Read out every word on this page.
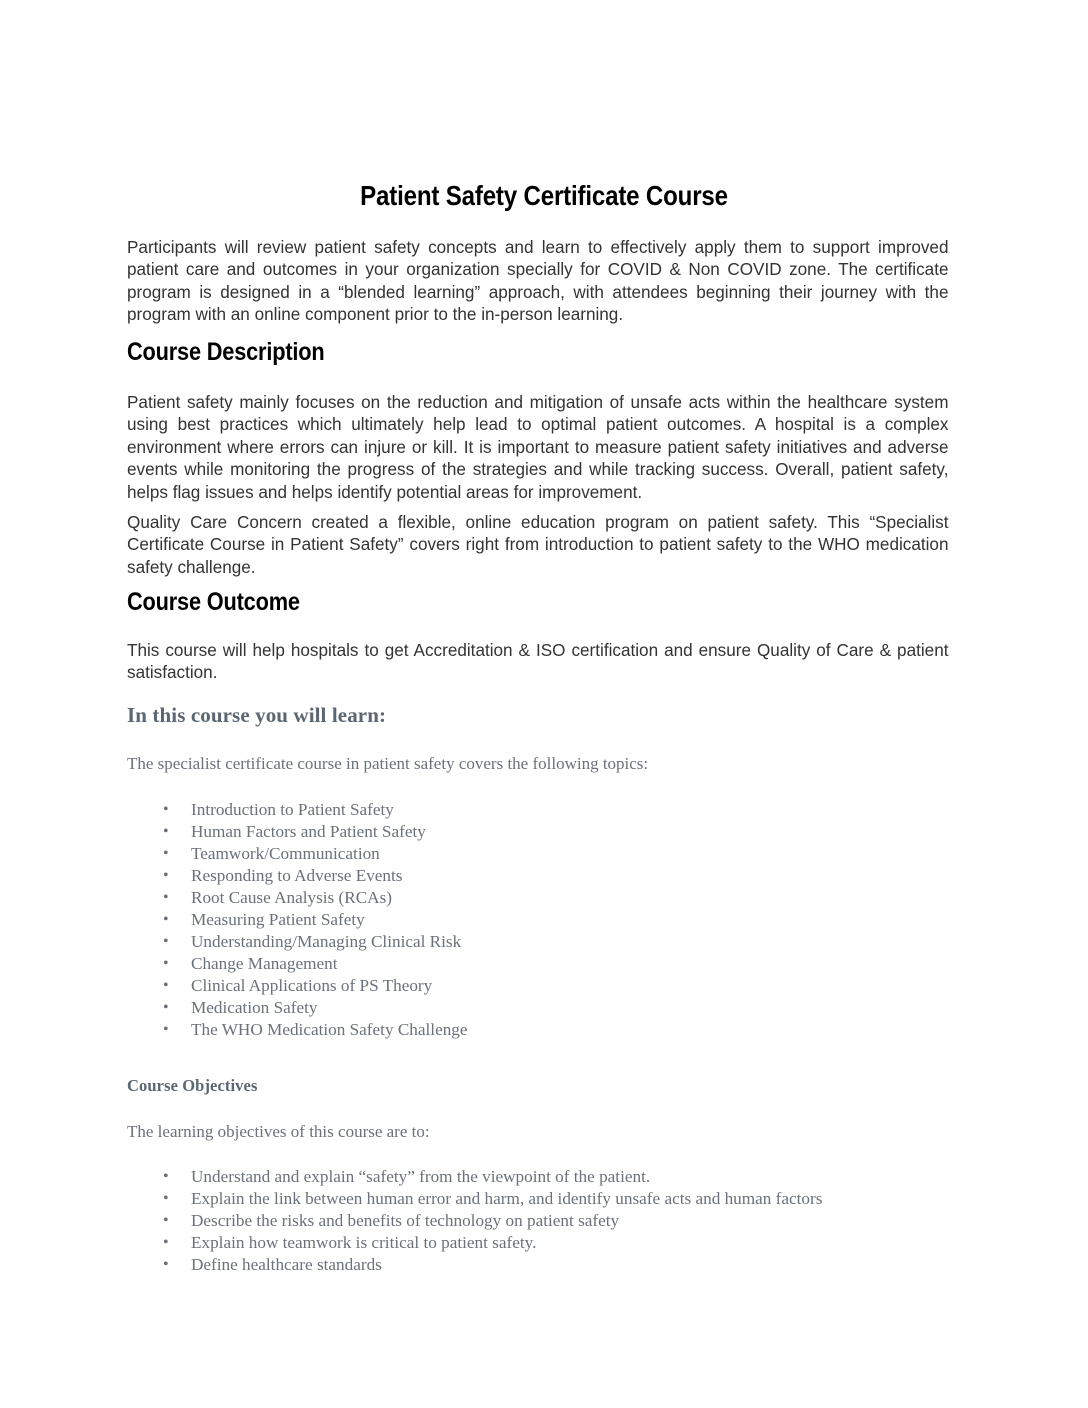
Patient Safety Certificate Course

Participants will review patient safety concepts and learn to effectively apply them to support improved patient care and outcomes in your organization specially for COVID & Non COVID zone. The certificate program is designed in a “blended learning” approach, with attendees beginning their journey with the program with an online component prior to the in-person learning.

Course Description

Patient safety mainly focuses on the reduction and mitigation of unsafe acts within the healthcare system using best practices which ultimately help lead to optimal patient outcomes. A hospital is a complex environment where errors can injure or kill. It is important to measure patient safety initiatives and adverse events while monitoring the progress of the strategies and while tracking success. Overall, patient safety, helps flag issues and helps identify potential areas for improvement.

Quality Care Concern created a flexible, online education program on patient safety. This “Specialist Certificate Course in Patient Safety” covers right from introduction to patient safety to the WHO medication safety challenge.

Course Outcome

This course will help hospitals to get Accreditation & ISO certification and ensure Quality of Care & patient satisfaction.

In this course you will learn:

The specialist certificate course in patient safety covers the following topics:

• Introduction to Patient Safety
• Human Factors and Patient Safety
• Teamwork/Communication
• Responding to Adverse Events
• Root Cause Analysis (RCAs)
• Measuring Patient Safety
• Understanding/Managing Clinical Risk
• Change Management
• Clinical Applications of PS Theory
• Medication Safety
• The WHO Medication Safety Challenge
Course Objectives

The learning objectives of this course are to:

• Understand and explain “safety” from the viewpoint of the patient.
• Explain the link between human error and harm, and identify unsafe acts and human factors
• Describe the risks and benefits of technology on patient safety
• Explain how teamwork is critical to patient safety.
• Define healthcare standards
